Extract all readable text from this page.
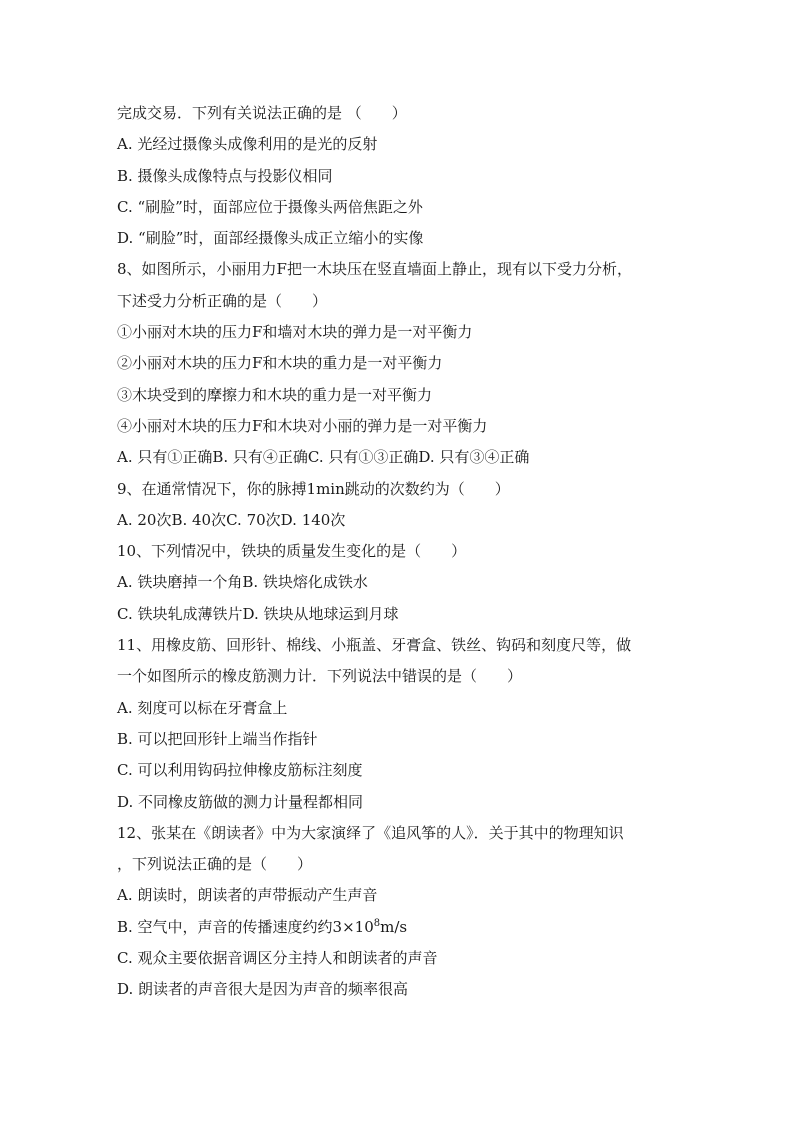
完成交易．下列有关说法正确的是 （　　）
A. 光经过摄像头成像利用的是光的反射
B. 摄像头成像特点与投影仪相同
C. “刷脸”时，面部应位于摄像头两倍焦距之外
D. “刷脸”时，面部经摄像头成正立缩小的实像
8、如图所示，小丽用力F把一木块压在竖直墙面上静止，现有以下受力分析，
下述受力分析正确的是（　　）
①小丽对木块的压力F和墙对木块的弹力是一对平衡力
②小丽对木块的压力F和木块的重力是一对平衡力
③木块受到的摩擦力和木块的重力是一对平衡力
④小丽对木块的压力F和木块对小丽的弹力是一对平衡力
A. 只有①正确B. 只有④正确C. 只有①③正确D. 只有③④正确
9、在通常情况下，你的脉搏1min跳动的次数约为（　　）
A. 20次B. 40次C. 70次D. 140次
10、下列情况中，铁块的质量发生变化的是（　　）
A. 铁块磨掉一个角B. 铁块熔化成铁水
C. 铁块轧成薄铁片D. 铁块从地球运到月球
11、用橡皮筋、回形针、棉线、小瓶盖、牙膏盒、铁丝、钩码和刻度尺等，做
一个如图所示的橡皮筋测力计．下列说法中错误的是（　　）
A. 刻度可以标在牙膏盒上
B. 可以把回形针上端当作指针
C. 可以利用钩码拉伸橡皮筋标注刻度
D. 不同橡皮筋做的测力计量程都相同
12、张某在《朗读者》中为大家演绎了《追风筝的人》．关于其中的物理知识
，下列说法正确的是（　　）
A. 朗读时，朗读者的声带振动产生声音
B. 空气中，声音的传播速度约约$3\times 10^8m/s$
C. 观众主要依据音调区分主持人和朗读者的声音
D. 朗读者的声音很大是因为声音的频率很高
